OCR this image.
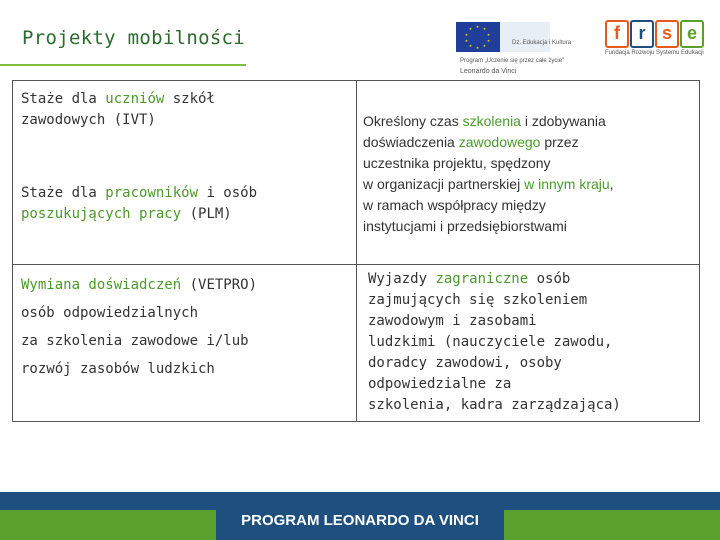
Projekty mobilności	★ ★
★
★
★
★
★
★
★
★
Dz. Edukacja i Kultura
Program „Uczenie się przez całe życie"
Leonardo da Vinci
f	r s e
Fundacja Rozwoju Systemu Edukacji
Staże dla uczniów szkół
zawodowych (IVT)
Staże dla pracowników i osób
poszukujących pracy (PLM)
Wymiana doświadczeń (VETPRO)
osób odpowiedzialnych
za szkolenia zawodowe i/lub
rozwój zasobów ludzkich
Określony czas szkolenia i zdobywania
doświadczenia zawodowego przez
uczestnika projektu, spędzony
w organizacji partnerskiej w innym kraju,
w ramach współpracy między
instytucjami i przedsiębiorstwami
Wyjazdy zagraniczne osób
zajmujących się szkoleniem
zawodowym i zasobami
ludzkimi (nauczyciele zawodu,
doradcy zawodowi, osoby
odpowiedzialne za
szkolenia, kadra zarządzająca)
PROGRAM LEONARDO DA VINCI
